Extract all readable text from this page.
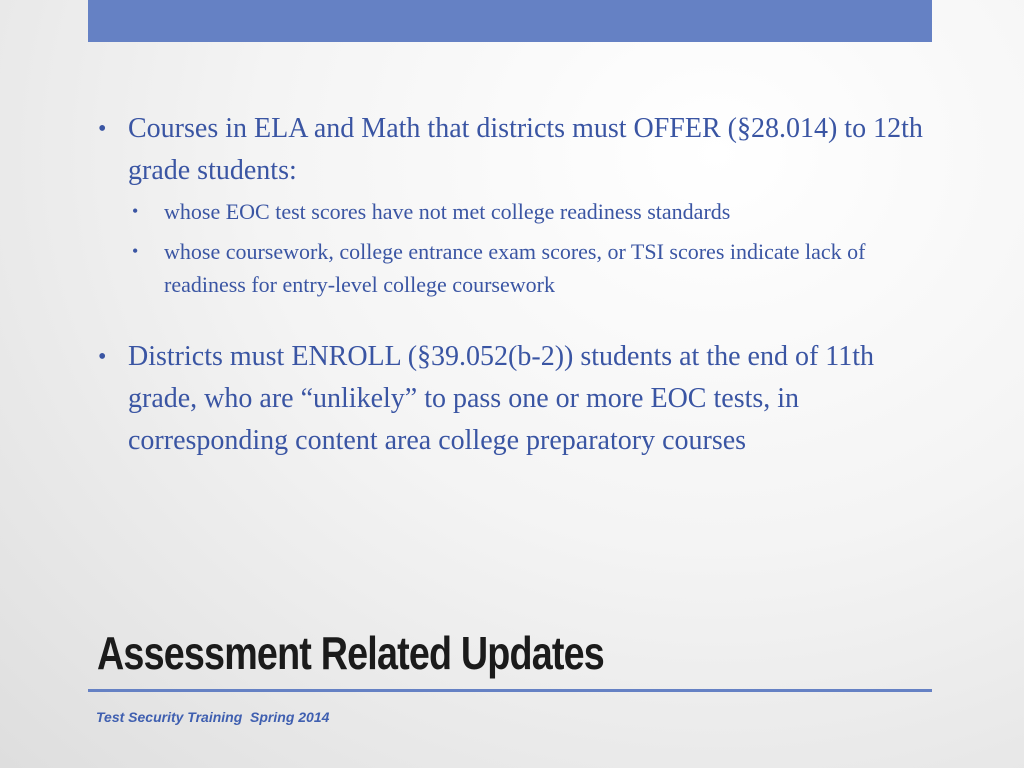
• Courses in ELA and Math that districts must OFFER (§28.014) to 12th grade students:
• whose EOC test scores have not met college readiness standards
• whose coursework, college entrance exam scores, or TSI scores indicate lack of readiness for entry-level college coursework
• Districts must ENROLL (§39.052(b-2)) students at the end of 11th grade, who are “unlikely” to pass one or more EOC tests, in corresponding content area college preparatory courses
Assessment Related Updates
Test Security Training  Spring 2014
